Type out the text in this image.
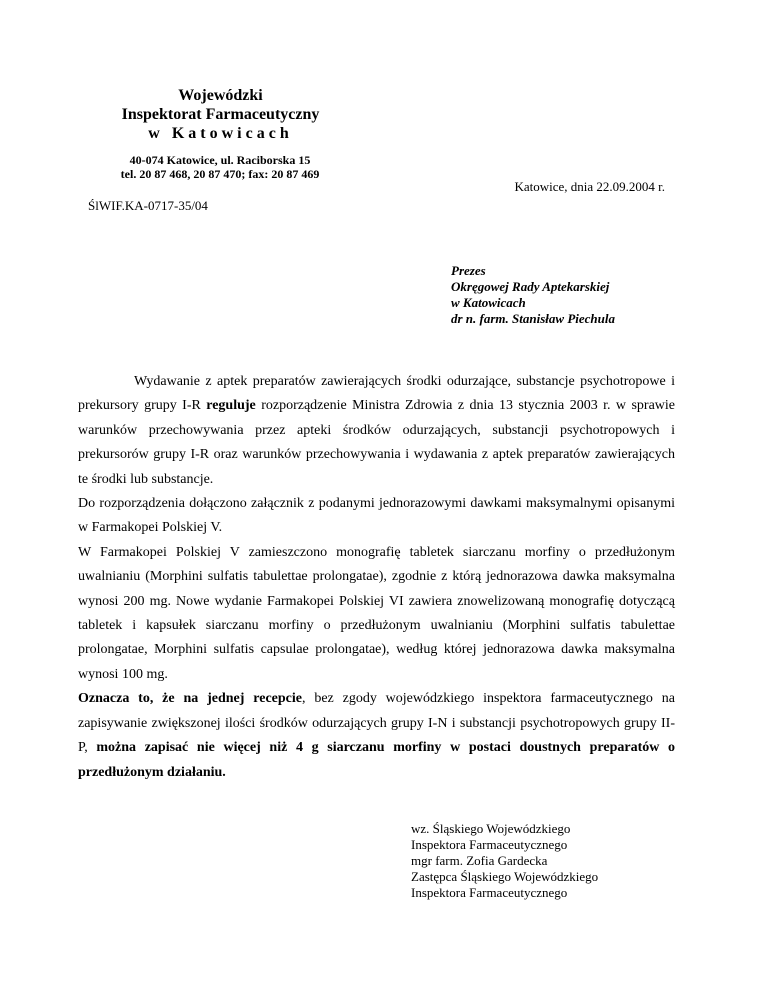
Wojewódzki
Inspektorat Farmaceutyczny
w Katowicach
40-074 Katowice, ul. Raciborska 15
tel. 20 87 468, 20 87 470; fax: 20 87 469
Katowice, dnia 22.09.2004 r.
ŚlWIF.KA-0717-35/04
Prezes
Okręgowej Rady Aptekarskiej
w Katowicach
dr n. farm. Stanisław Piechula

Wydawanie z aptek preparatów zawierających środki odurzające, substancje psychotropowe i prekursory grupy I-R reguluje rozporządzenie Ministra Zdrowia z dnia 13 stycznia 2003 r. w sprawie warunków przechowywania przez apteki środków odurzających, substancji psychotropowych i prekursorów grupy I-R oraz warunków przechowywania i wydawania z aptek preparatów zawierających te środki lub substancje.

Do rozporządzenia dołączono załącznik z podanymi jednorazowymi dawkami maksymalnymi opisanymi w Farmakopei Polskiej V.

W Farmakopei Polskiej V zamieszczono monografię tabletek siarczanu morfiny o przedłużonym uwalnianiu (Morphini sulfatis tabulettae prolongatae), zgodnie z którą jednorazowa dawka maksymalna wynosi 200 mg. Nowe wydanie Farmakopei Polskiej VI zawiera znowelizowaną monografię dotyczącą tabletek i kapsułek siarczanu morfiny o przedłużonym uwalnianiu (Morphini sulfatis tabulettae prolongatae, Morphini sulfatis capsulae prolongatae), według której jednorazowa dawka maksymalna wynosi 100 mg.

Oznacza to, że na jednej recepcie, bez zgody wojewódzkiego inspektora farmaceutycznego na zapisywanie zwiększonej ilości środków odurzających grupy I-N i substancji psychotropowych grupy II-P, można zapisać nie więcej niż 4 g siarczanu morfiny w postaci doustnych preparatów o przedłużonym działaniu.

wz. Śląskiego Wojewódzkiego
Inspektora Farmaceutycznego
mgr farm. Zofia Gardecka
Zastępca Śląskiego Wojewódzkiego
Inspektora Farmaceutycznego
